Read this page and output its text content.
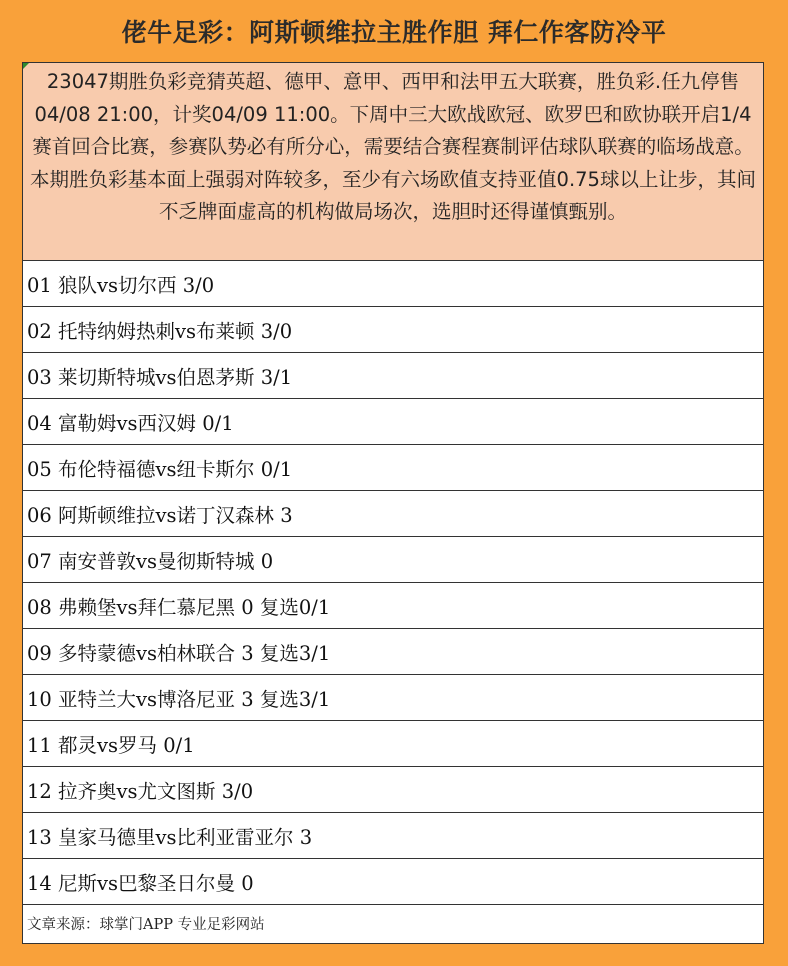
佬牛足彩：阿斯顿维拉主胜作胆 拜仁作客防冷平
23047期胜负彩竞猜英超、德甲、意甲、西甲和法甲五大联赛，胜负彩.任九停售04/08 21:00，计奖04/09 11:00。下周中三大欧战欧冠、欧罗巴和欧协联开启1/4赛首回合比赛，参赛队势必有所分心，需要结合赛程赛制评估球队联赛的临场战意。本期胜负彩基本面上强弱对阵较多，至少有六场欧值支持亚值0.75球以上让步，其间不乏牌面虚高的机构做局场次，选胆时还得谨慎甄别。
01 狼队vs切尔西 3/0
02 托特纳姆热刺vs布莱顿 3/0
03 莱切斯特城vs伯恩茅斯 3/1
04 富勒姆vs西汉姆 0/1
05 布伦特福德vs纽卡斯尔 0/1
06 阿斯顿维拉vs诺丁汉森林 3
07 南安普敦vs曼彻斯特城 0
08 弗赖堡vs拜仁慕尼黑 0 复选0/1
09 多特蒙德vs柏林联合 3 复选3/1
10 亚特兰大vs博洛尼亚 3 复选3/1
11 都灵vs罗马 0/1
12 拉齐奥vs尤文图斯 3/0
13 皇家马德里vs比利亚雷亚尔 3
14 尼斯vs巴黎圣日尔曼 0
文章来源：球掌门APP 专业足彩网站
